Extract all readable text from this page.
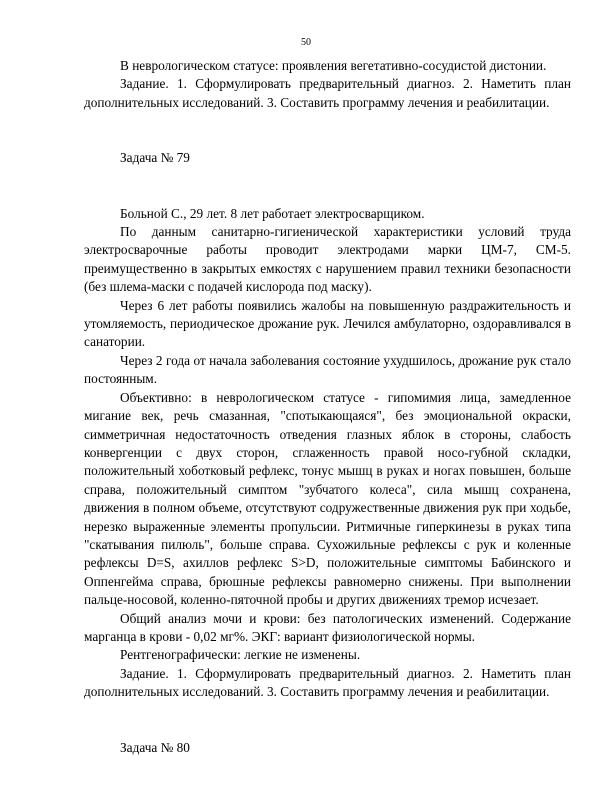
50

В неврологическом статусе: проявления вегетативно-сосудистой дистонии.

Задание. 1. Сформулировать предварительный диагноз. 2. Наметить план дополнительных исследований. 3. Составить программу лечения и реабилитации.

Задача № 79

Больной С., 29 лет. 8 лет работает электросварщиком.

По данным санитарно-гигиенической характеристики условий труда электросварочные работы проводит электродами марки ЦМ-7, СМ-5. преимущественно в закрытых емкостях с нарушением правил техники безопасности (без шлема-маски с подачей кислорода под маску).

Через 6 лет работы появились жалобы на повышенную раздражительность и утомляемость, периодическое дрожание рук. Лечился амбулаторно, оздоравливался в санатории.

Через 2 года от начала заболевания состояние ухудшилось, дрожание рук стало постоянным.

Объективно: в неврологическом статусе - гипомимия лица, замедленное мигание век, речь смазанная, "спотыкающаяся", без эмоциональной окраски, симметричная недостаточность отведения глазных яблок в стороны, слабость конвергенции с двух сторон, сглаженность правой носо-губной складки, положительный хоботковый рефлекс, тонус мышц в руках и ногах повышен, больше справа, положительный симптом "зубчатого колеса", сила мышц сохранена, движения в полном объеме, отсутствуют содружественные движения рук при ходьбе, нерезко выраженные элементы пропульсии. Ритмичные гиперкинезы в руках типа "скатывания пилюль", больше справа. Сухожильные рефлексы с рук и коленные рефлексы D=S, ахиллов рефлекс S>D, положительные симптомы Бабинского и Оппенгейма справа, брюшные рефлексы равномерно снижены. При выполнении пальце-носовой, коленно-пяточной пробы и других движениях тремор исчезает.

Общий анализ мочи и крови: без патологических изменений. Содержание марганца в крови - 0,02 мг%. ЭКГ: вариант физиологической нормы.

Рентгенографически: легкие не изменены.

Задание. 1. Сформулировать предварительный диагноз. 2. Наметить план дополнительных исследований. 3. Составить программу лечения и реабилитации.

Задача № 80
